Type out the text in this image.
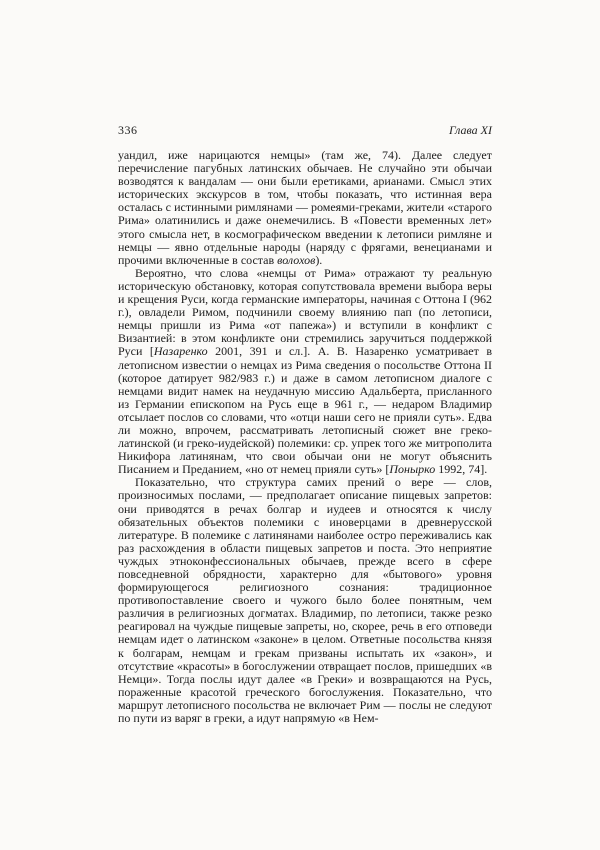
336	Глава XI

уандил, иже нарицаются немцы» (там же, 74). Далее следует перечисление пагубных латинских обычаев. Не случайно эти обычаи возводятся к вандалам — они были еретиками, арианами. Смысл этих исторических экскурсов в том, чтобы показать, что истинная вера осталась с истинными римлянами — ромеями-греками, жители «старого Рима» олатинились и даже онемечились. В «Повести временных лет» этого смысла нет, в космографическом введении к летописи римляне и немцы — явно отдельные народы (наряду с фрягами, венецианами и прочими включенные в состав волохов).

Вероятно, что слова «немцы от Рима» отражают ту реальную историческую обстановку, которая сопутствовала времени выбора веры и крещения Руси, когда германские императоры, начиная с Оттона I (962 г.), овладели Римом, подчинили своему влиянию пап (по летописи, немцы пришли из Рима «от папежа») и вступили в конфликт с Византией: в этом конфликте они стремились заручиться поддержкой Руси [Назаренко 2001, 391 и сл.]. А. В. Назаренко усматривает в летописном известии о немцах из Рима сведения о посольстве Оттона II (которое датирует 982/983 г.) и даже в самом летописном диалоге с немцами видит намек на неудачную миссию Адальберта, присланного из Германии епископом на Русь еще в 961 г., — недаром Владимир отсылает послов со словами, что «отци наши сего не прияли суть». Едва ли можно, впрочем, рассматривать летописный сюжет вне греко-латинской (и греко-иудейской) полемики: ср. упрек того же митрополита Никифора латинянам, что свои обычаи они не могут объяснить Писанием и Преданием, «но от немец прияли суть» [Понырко 1992, 74].

Показательно, что структура самих прений о вере — слов, произносимых послами, — предполагает описание пищевых запретов: они приводятся в речах болгар и иудеев и относятся к числу обязательных объектов полемики с иноверцами в древнерусской литературе. В полемике с латинянами наиболее остро переживались как раз расхождения в области пищевых запретов и поста. Это неприятие чуждых этноконфессиональных обычаев, прежде всего в сфере повседневной обрядности, характерно для «бытового» уровня формирующегося религиозного сознания: традиционное противопоставление своего и чужого было более понятным, чем различия в религиозных догматах. Владимир, по летописи, также резко реагировал на чуждые пищевые запреты, но, скорее, речь в его отповеди немцам идет о латинском «законе» в целом. Ответные посольства князя к болгарам, немцам и грекам призваны испытать их «закон», и отсутствие «красоты» в богослужении отвращает послов, пришедших «в Немци». Тогда послы идут далее «в Греки» и возвращаются на Русь, пораженные красотой греческого богослужения. Показательно, что маршрут летописного посольства не включает Рим — послы не следуют по пути из варяг в греки, а идут напрямую «в Нем-
